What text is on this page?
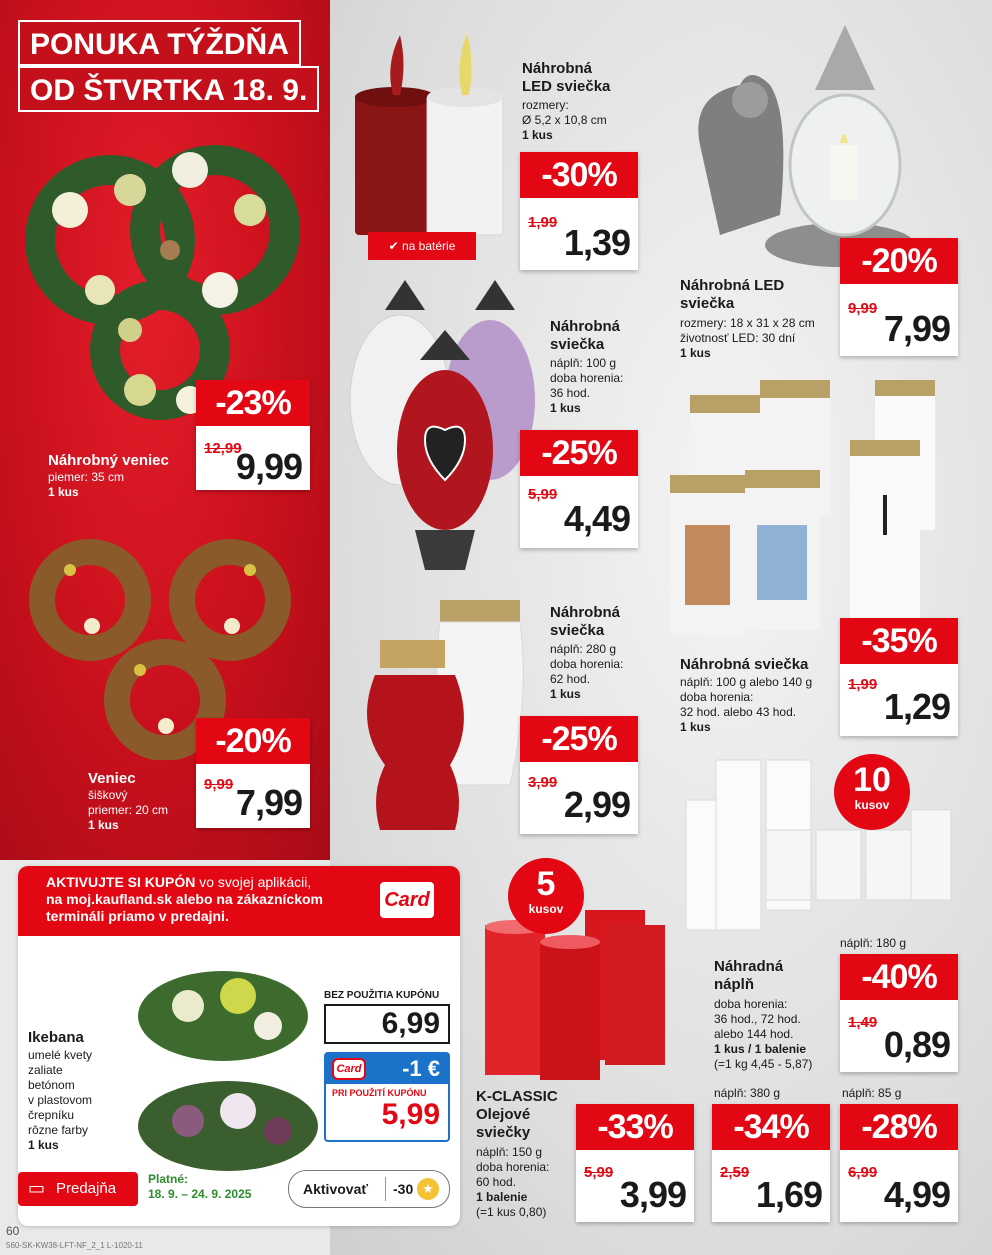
PONUKA TÝŽDŇA
OD ŠTVRTKA 18. 9.
-23%
12,99
9,99
Náhrobný veniec
piemer: 35 cm
1 kus
-20%
9,99 7,99
Veniec
šiškový
priemer: 20 cm
1 kus
✔ na batérie
Náhrobná
LED sviečka
rozmery:
Ø 5,2 x 10,8 cm
1 kus
-30%
1,99 1,39	-20%
9,99 7,99
Náhrobná LED
sviečka
rozmery: 18 x 31 x 28 cm
životnosť LED: 30 dní
1 kus
Náhrobná
sviečka
náplň: 100 g
doba horenia:
36 hod.
1 kus
-25%
5,99
4,49
-35%
1,99
1,29
Náhrobná sviečka
náplň: 100 g alebo 140 g
doba horenia:
32 hod. alebo 43 hod.
1 kus
Náhrobná
sviečka
náplň: 280 g
doba horenia:
62 hod.
1 kus
-25%
3,99
2,99
10
kusov
náplň: 180 g
Náhradná
náplň
doba horenia:
36 hod., 72 hod.
alebo 144 hod.
1 kus / 1 balenie
(=1 kg 4,45 - 5,87)
-40%
1,49
0,89
náplň: 380 g
-34%
2,59
1,69
náplň: 85 g
-28%
6,99
4,99
5
kusov
K-CLASSIC
Olejové
sviečky
náplň: 150 g
doba horenia:
60 hod.
1 balenie
(=1 kus 0,80)
-33%
5,99
3,99
AKTIVUJTE SI KUPÓN vo svojej aplikácii,
na moj.kaufland.sk alebo na zákazníckom
termináli priamo v predajni.
Card
Ikebana
umelé kvety
zaliate
betónom
v plastovom
črepníku
rôzne farby
1 kus
BEZ POUŽITIA KUPÓNU
6,99
Card -1 €
PRI POUŽITÍ KUPÓNU
5,99
▭ Predajňa
Platné:
18. 9. – 24. 9. 2025	Aktivovať -30 ★
60
560-SK-KW38-LFT-NF_2_1 L-1020-11
